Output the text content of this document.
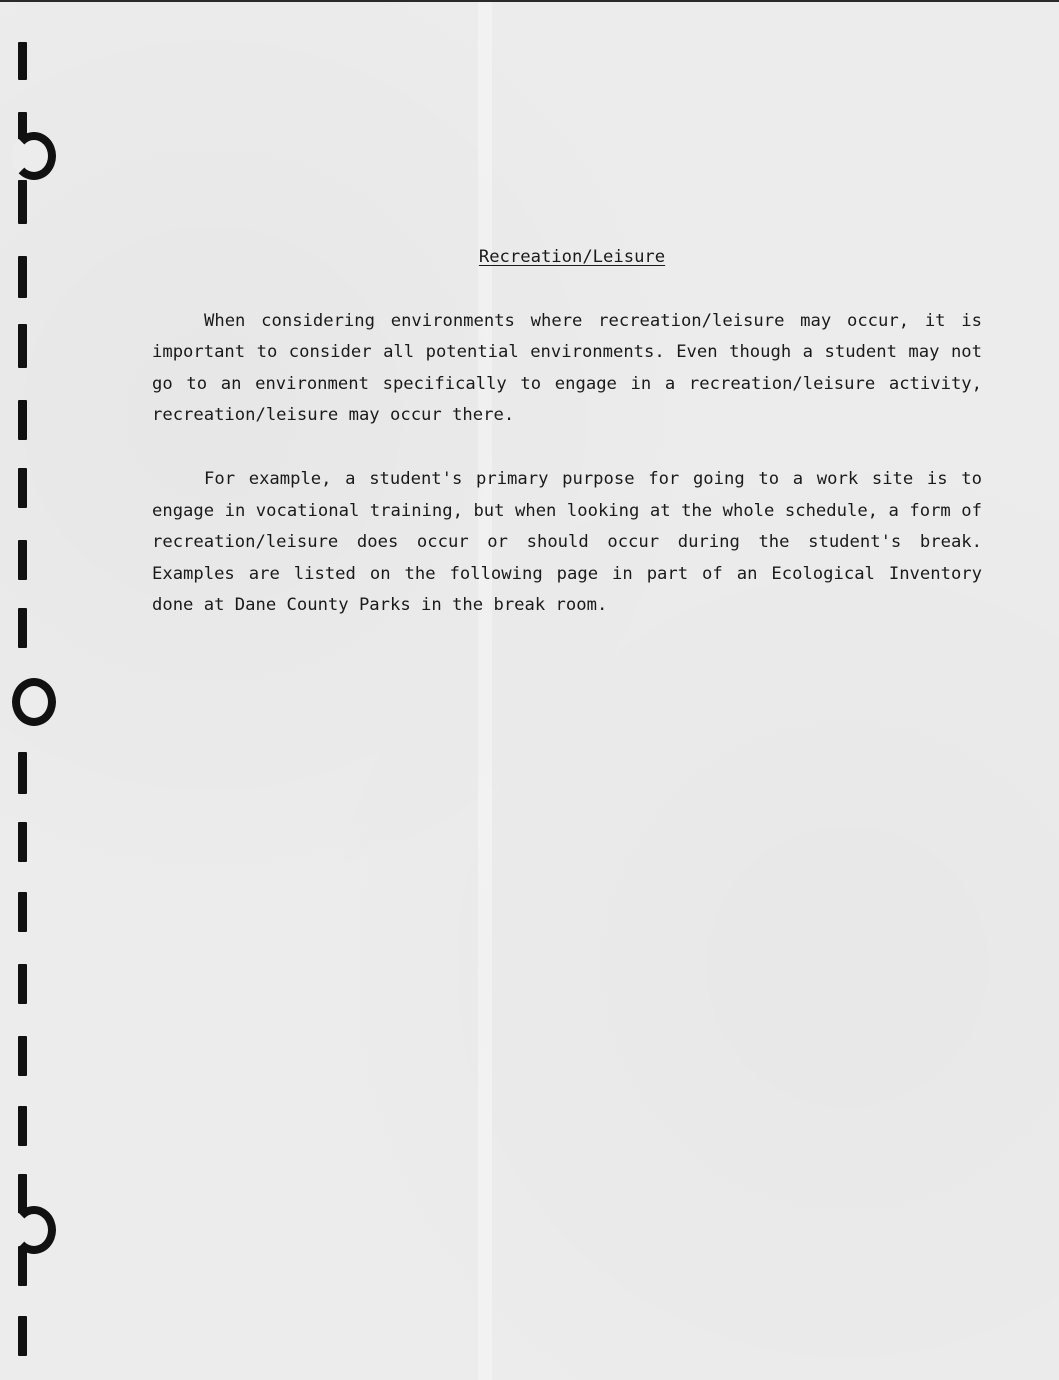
Recreation/Leisure

When considering environments where recreation/leisure may occur, it is important to consider all potential environments. Even though a student may not go to an environment specifically to engage in a recreation/leisure activity, recreation/leisure may occur there.

For example, a student's primary purpose for going to a work site is to engage in vocational training, but when looking at the whole schedule, a form of recreation/leisure does occur or should occur during the student's break. Examples are listed on the following page in part of an Ecological Inventory done at Dane County Parks in the break room.
